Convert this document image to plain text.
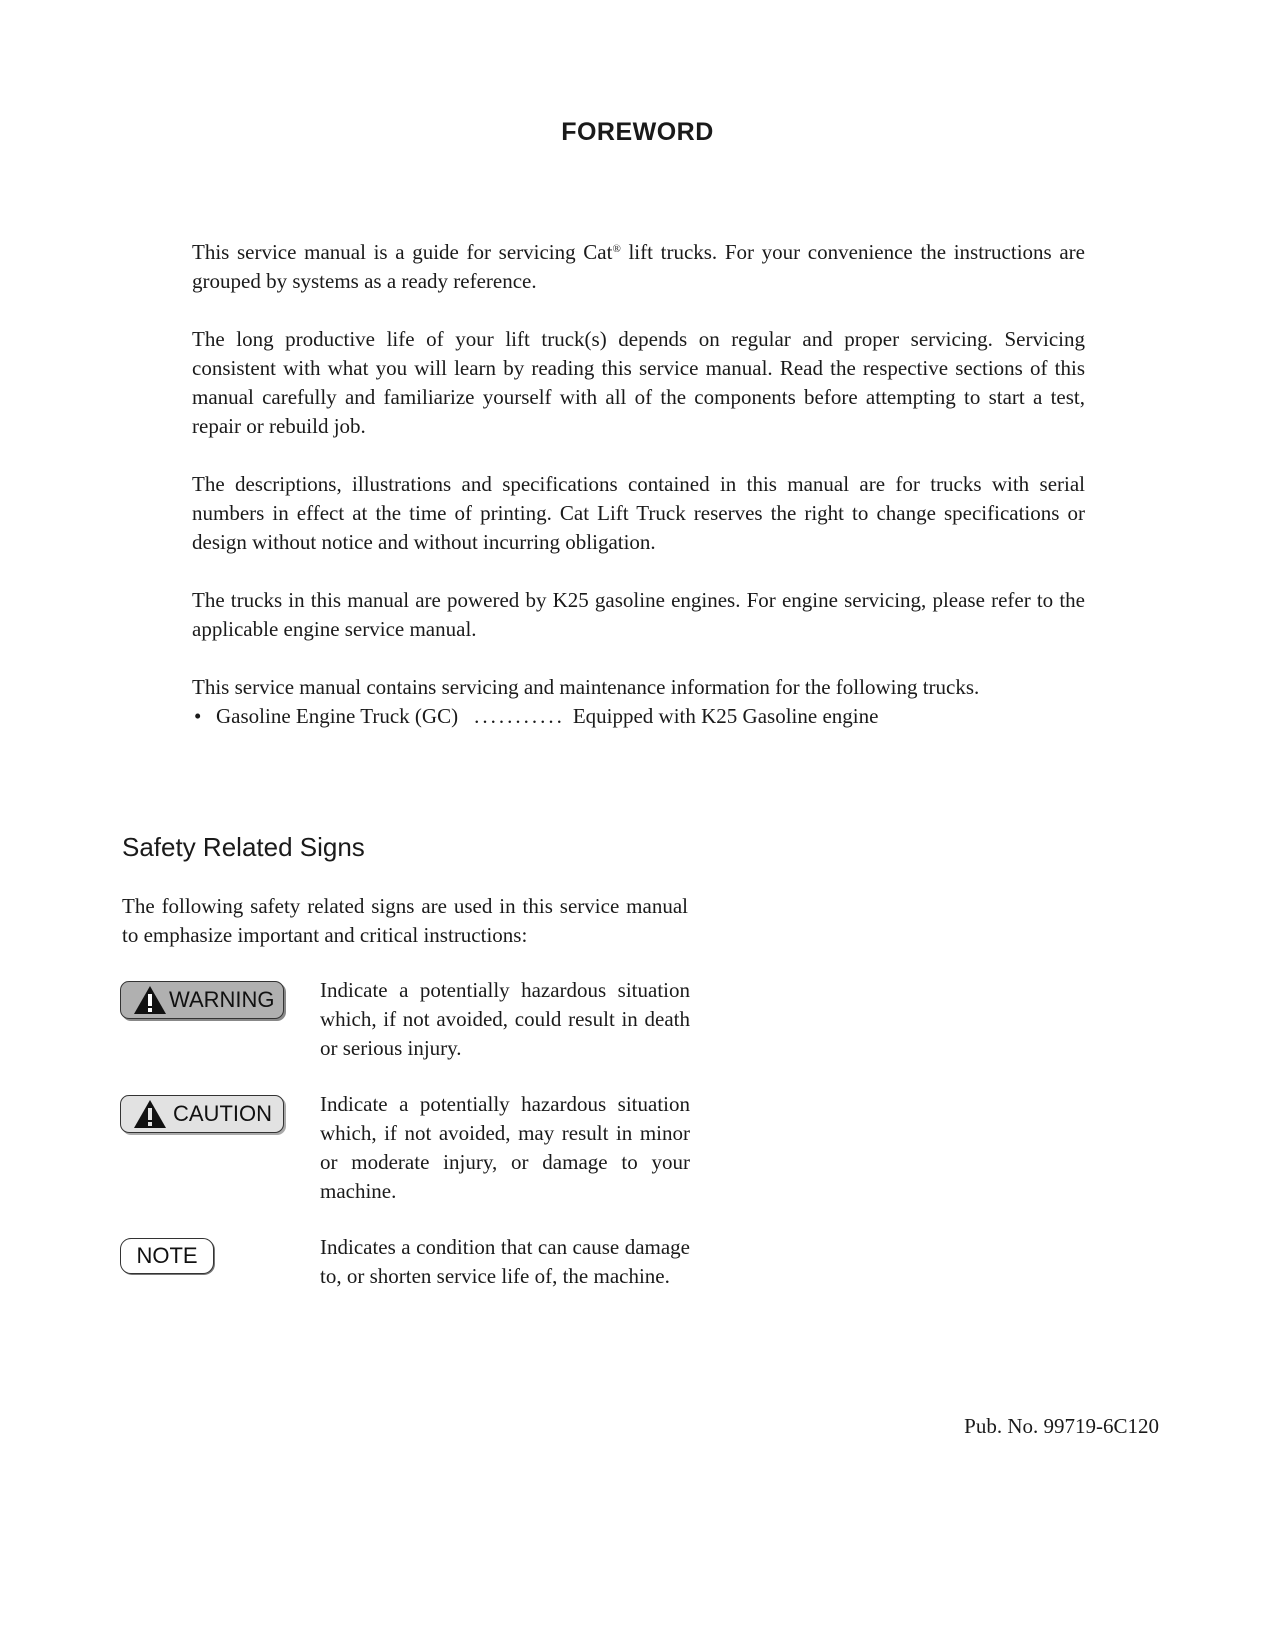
FOREWORD

This service manual is a guide for servicing Cat® lift trucks. For your convenience the instructions are grouped by systems as a ready reference.

The long productive life of your lift truck(s) depends on regular and proper servicing. Servicing consistent with what you will learn by reading this service manual. Read the respective sections of this manual carefully and familiarize yourself with all of the components before attempting to start a test, repair or rebuild job.

The descriptions, illustrations and specifications contained in this manual are for trucks with serial numbers in effect at the time of printing. Cat Lift Truck reserves the right to change specifications or design without notice and without incurring obligation.

The trucks in this manual are powered by K25 gasoline engines. For engine servicing, please refer to the applicable engine service manual.

This service manual contains servicing and maintenance information for the following trucks.

• Gasoline Engine Truck (GC) ........... Equipped with K25 Gasoline engine
Safety Related Signs

The following safety related signs are used in this service manual to emphasize important and critical instructions:

WARNING Indicate a potentially hazardous situation which, if not avoided, could result in death or serious injury.

CAUTION Indicate a potentially hazardous situation which, if not avoided, may result in minor or moderate injury, or damage to your machine.

NOTE	Indicates a condition that can cause damage to, or shorten service life of, the machine.

Pub. No. 99719-6C120
